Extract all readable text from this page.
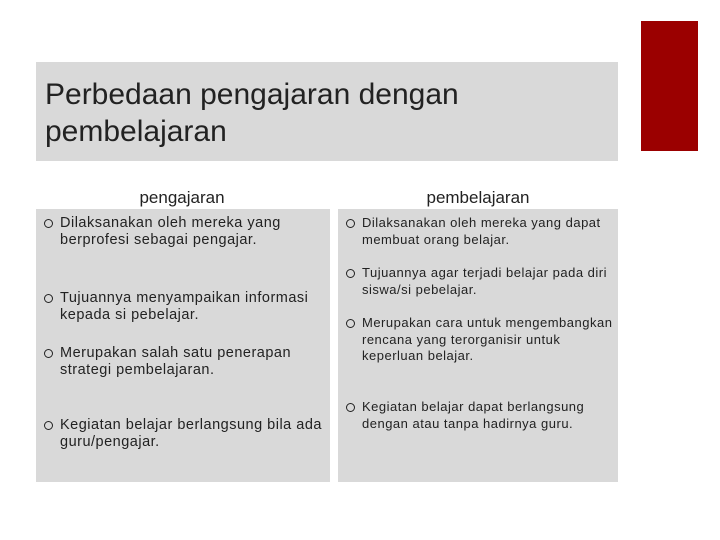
Perbedaan pengajaran dengan pembelajaran
pengajaran	pembelajaran
Dilaksanakan oleh mereka yang berprofesi sebagai pengajar.
Tujuannya menyampaikan informasi kepada si pebelajar.
Merupakan salah satu penerapan strategi pembelajaran.
Kegiatan belajar berlangsung bila ada guru/pengajar.
Dilaksanakan oleh mereka yang dapat membuat orang belajar.
Tujuannya agar terjadi belajar pada diri siswa/si pebelajar.
Merupakan cara untuk mengembangkan rencana yang terorganisir untuk keperluan belajar.
Kegiatan belajar dapat berlangsung dengan atau tanpa hadirnya guru.
